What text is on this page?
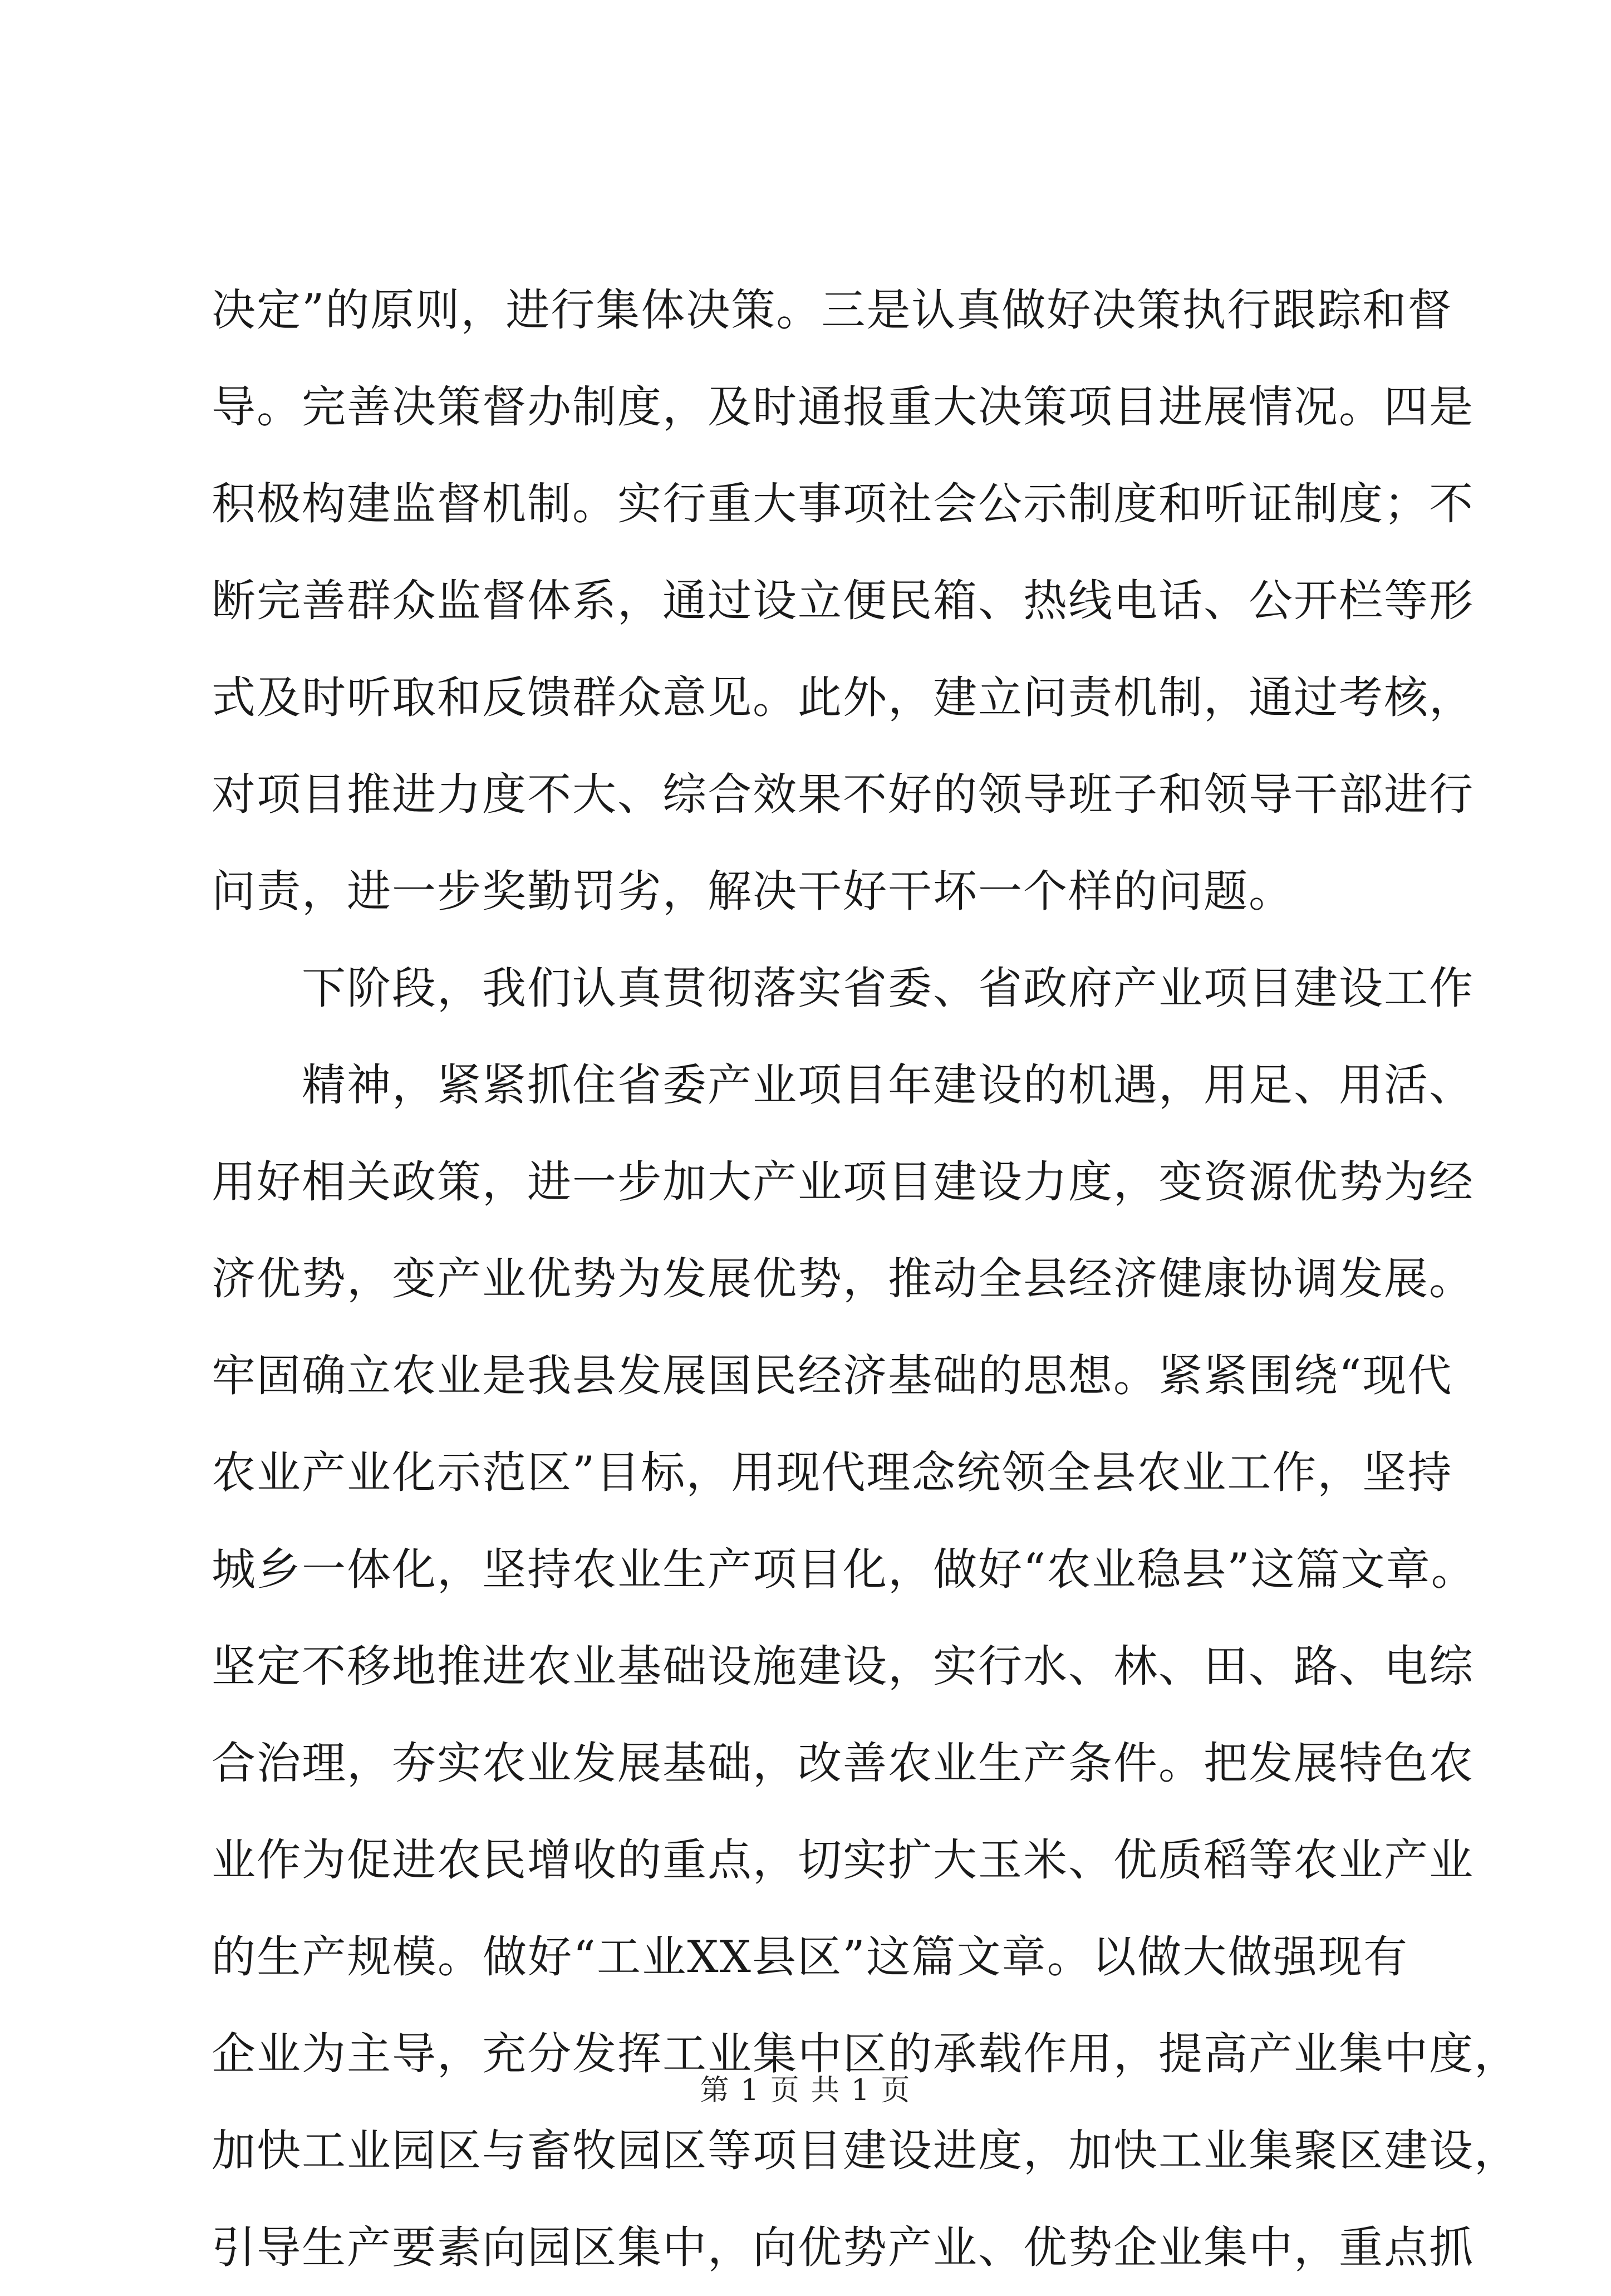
决定”的原则，进行集体决策。三是认真做好决策执行跟踪和督
导。完善决策督办制度，及时通报重大决策项目进展情况。四是
积极构建监督机制。实行重大事项社会公示制度和听证制度；不
断完善群众监督体系，通过设立便民箱、热线电话、公开栏等形
式及时听取和反馈群众意见。此外，建立问责机制，通过考核，
对项目推进力度不大、综合效果不好的领导班子和领导干部进行
问责，进一步奖勤罚劣，解决干好干坏一个样的问题。
下阶段，我们认真贯彻落实省委、省政府产业项目建设工作
精神，紧紧抓住省委产业项目年建设的机遇，用足、用活、
用好相关政策，进一步加大产业项目建设力度，变资源优势为经
济优势，变产业优势为发展优势，推动全县经济健康协调发展。
牢固确立农业是我县发展国民经济基础的思想。紧紧围绕“现代
农业产业化示范区”目标，用现代理念统领全县农业工作，坚持
城乡一体化，坚持农业生产项目化，做好“农业稳县”这篇文章。
坚定不移地推进农业基础设施建设，实行水、林、田、路、电综
合治理，夯实农业发展基础，改善农业生产条件。把发展特色农
业作为促进农民增收的重点，切实扩大玉米、优质稻等农业产业
的生产规模。做好“工业XX县区”这篇文章。以做大做强现有
企业为主导，充分发挥工业集中区的承载作用，提高产业集中度，
加快工业园区与畜牧园区等项目建设进度，加快工业集聚区建设，
引导生产要素向园区集中，向优势产业、优势企业集中，重点抓
第 1 页 共 1 页
